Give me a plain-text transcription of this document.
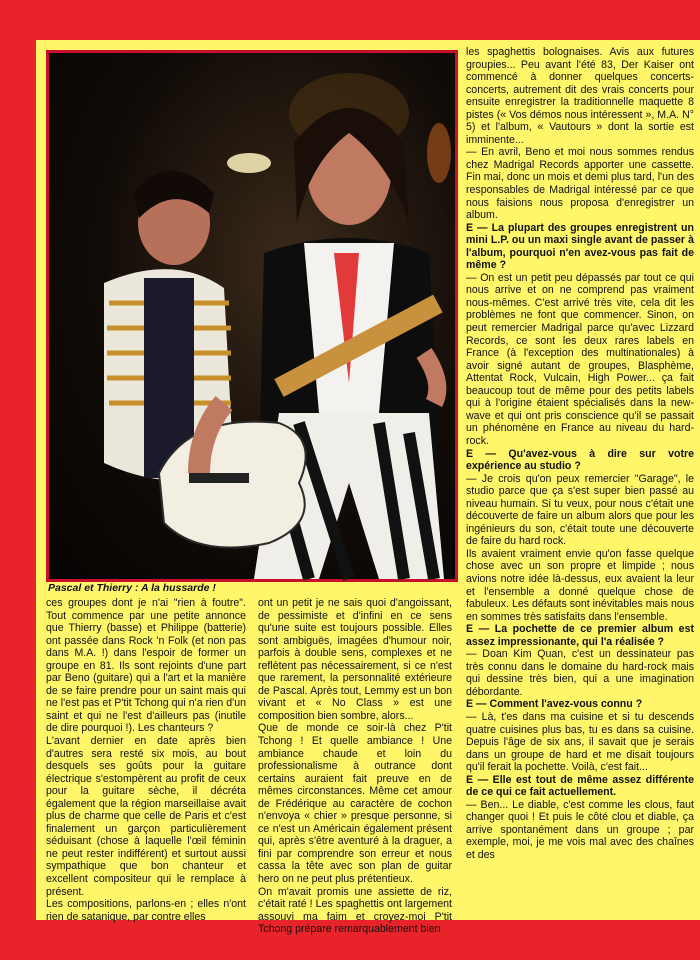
Pascal et Thierry : A la hussarde !

ces groupes dont je n'ai "rien à foutre". Tout commence par une petite annonce que Thierry (basse) et Philippe (batterie) ont passée dans Rock 'n Folk (et non pas dans M.A. !) dans l'espoir de former un groupe en 81. Ils sont rejoints d'une part par Beno (guitare) qui a l'art et la manière de se faire prendre pour un saint mais qui ne l'est pas et P'tit Tchong qui n'a rien d'un saint et qui ne l'est d'ailleurs pas (inutile de dire pourquoi !). Les chanteurs ?

L'avant dernier en date après bien d'autres sera resté six mois, au bout desquels ses goûts pour la guitare électrique s'estompèrent au profit de ceux pour la guitare sèche, il décréta également que la région marseillaise avait plus de charme que celle de Paris et c'est finalement un garçon particulièrement séduisant (chose à laquelle l'œil féminin ne peut rester indifférent) et surtout aussi sympathique que bon chanteur et excellent compositeur qui le remplace à présent.

Les compositions, parlons-en ; elles n'ont rien de satanique, par contre elles

ont un petit je ne sais quoi d'angoissant, de pessimiste et d'infini en ce sens qu'une suite est toujours possible. Elles sont ambiguës, imagées d'humour noir, parfois à double sens, complexes et ne reflètent pas nécessairement, si ce n'est que rarement, la personnalité extérieure de Pascal. Après tout, Lemmy est un bon vivant et « No Class » est une composition bien sombre, alors...

Que de monde ce soir-là chez P'tit Tchong ! Et quelle ambiance ! Une ambiance chaude et loin du professionalisme à outrance dont certains auraient fait preuve en de mêmes circonstances. Même cet amour de Frédérique au caractère de cochon n'envoya « chier » presque personne, si ce n'est un Américain également présent qui, après s'être aventuré à la draguer, a fini par comprendre son erreur et nous cassa la tête avec son plan de guitar hero on ne peut plus prétentieux.

On m'avait promis une assiette de riz, c'était raté ! Les spaghettis ont largement assouvi ma faim et croyez-moi P'tit Tchong prépare remarquablement bien

les spaghettis bolognaises. Avis aux futures groupies... Peu avant l'été 83, Der Kaiser ont commencé à donner quelques concerts-concerts, autrement dit des vrais concerts pour ensuite enregistrer la traditionnelle maquette 8 pistes (« Vos démos nous intéressent », M.A. N° 5) et l'album, « Vautours » dont la sortie est imminente...

— En avril, Beno et moi nous sommes rendus chez Madrigal Records apporter une cassette. Fin mai, donc un mois et demi plus tard, l'un des responsables de Madrigal intéressé par ce que nous faisions nous proposa d'enregistrer un album.

E — La plupart des groupes enregistrent un mini L.P. ou un maxi single avant de passer à l'album, pourquoi n'en avez-vous pas fait de même ?

— On est un petit peu dépassés par tout ce qui nous arrive et on ne comprend pas vraiment nous-mêmes. C'est arrivé très vite, cela dit les problèmes ne font que commencer. Sinon, on peut remercier Madrigal parce qu'avec Lizzard Records, ce sont les deux rares labels en France (à l'exception des multinationales) à avoir signé autant de groupes, Blasphème, Attentat Rock, Vulcain, High Power... ça fait beaucoup tout de même pour des petits labels qui à l'origine étaient spécialisés dans la new-wave et qui ont pris conscience qu'il se passait un phénomène en France au niveau du hard-rock.

E — Qu'avez-vous à dire sur votre expérience au studio ?

— Je crois qu'on peux remercier "Garage", le studio parce que ça s'est super bien passé au niveau humain. Si tu veux, pour nous c'était une découverte de faire un album alors que pour les ingénieurs du son, c'était toute une découverte de faire du hard rock.

Ils avaient vraiment envie qu'on fasse quelque chose avec un son propre et limpide ; nous avions notre idée là-dessus, eux avaient la leur et l'ensemble a donné quelque chose de fabuleux. Les défauts sont inévitables mais nous en sommes très satisfaits dans l'ensemble.

E — La pochette de ce premier album est assez impressionante, qui l'a réalisée ?

— Doan Kim Quan, c'est un dessinateur pas très connu dans le domaine du hard-rock mais qui dessine très bien, qui a une imagination débordante.

E — Comment l'avez-vous connu ?

— Là, t'es dans ma cuisine et si tu descends quatre cuisines plus bas, tu es dans sa cuisine. Depuis l'âge de six ans, il savait que je serais dans un groupe de hard et me disait toujours qu'il ferait la pochette. Voilà, c'est fait...

E — Elle est tout de même assez différente de ce qui ce fait actuellement.

— Ben... Le diable, c'est comme les clous, faut changer quoi ! Et puis le côté clou et diable, ça arrive spontanément dans un groupe ; par exemple, moi, je me vois mal avec des chaînes et des
